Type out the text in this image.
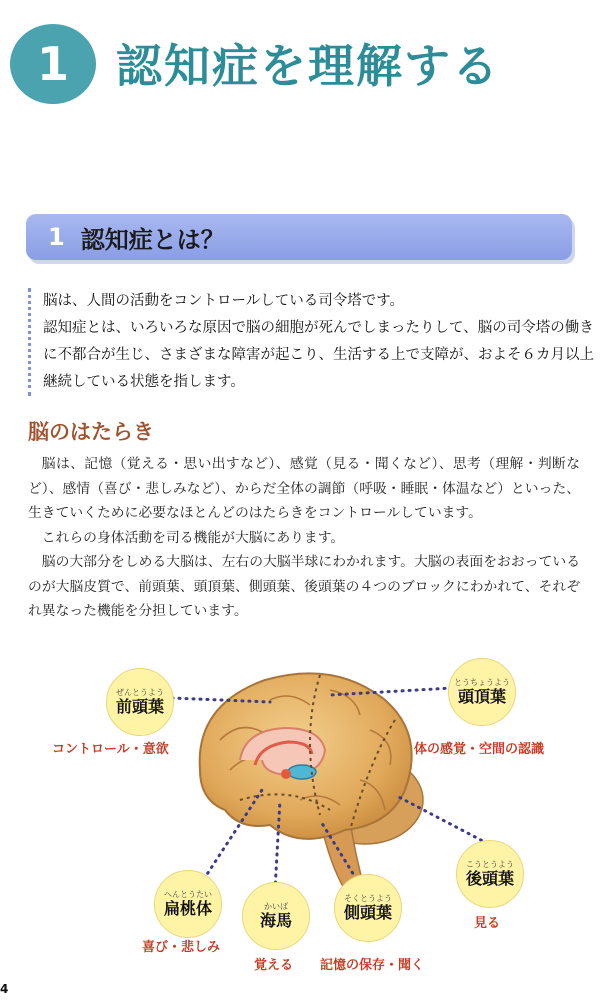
1 認知症を理解する
1 認知症とは？

脳は、人間の活動をコントロールしている司令塔です。

認知症とは、いろいろな原因で脳の細胞が死んでしまったりして、脳の司令塔の働きに不都合が生じ、さまざまな障害が起こり、生活する上で支障が、およそ６カ月以上継続している状態を指します。

脳のはたらき

脳は、記憶（覚える・思い出すなど）、感覚（見る・聞くなど）、思考（理解・判断など）、感情（喜び・悲しみなど）、からだ全体の調節（呼吸・睡眠・体温など）といった、生きていくために必要なほとんどのはたらきをコントロールしています。

これらの身体活動を司る機能が大脳にあります。

脳の大部分をしめる大脳は、左右の大脳半球にわかれます。大脳の表面をおおっているのが大脳皮質で、前頭葉、頭頂葉、側頭葉、後頭葉の４つのブロックにわかれて、それぞれ異なった機能を分担しています。

ぜんとうよう
前頭葉
コントロール・意欲
とうちょうよう
頭頂葉
体の感覚・空間の認識
こうとうよう
後頭葉
見る
へんとうたい
扁桃体
喜び・悲しみ
かいば
海馬
覚える
そくとうよう
側頭葉
記憶の保存・聞く
4
